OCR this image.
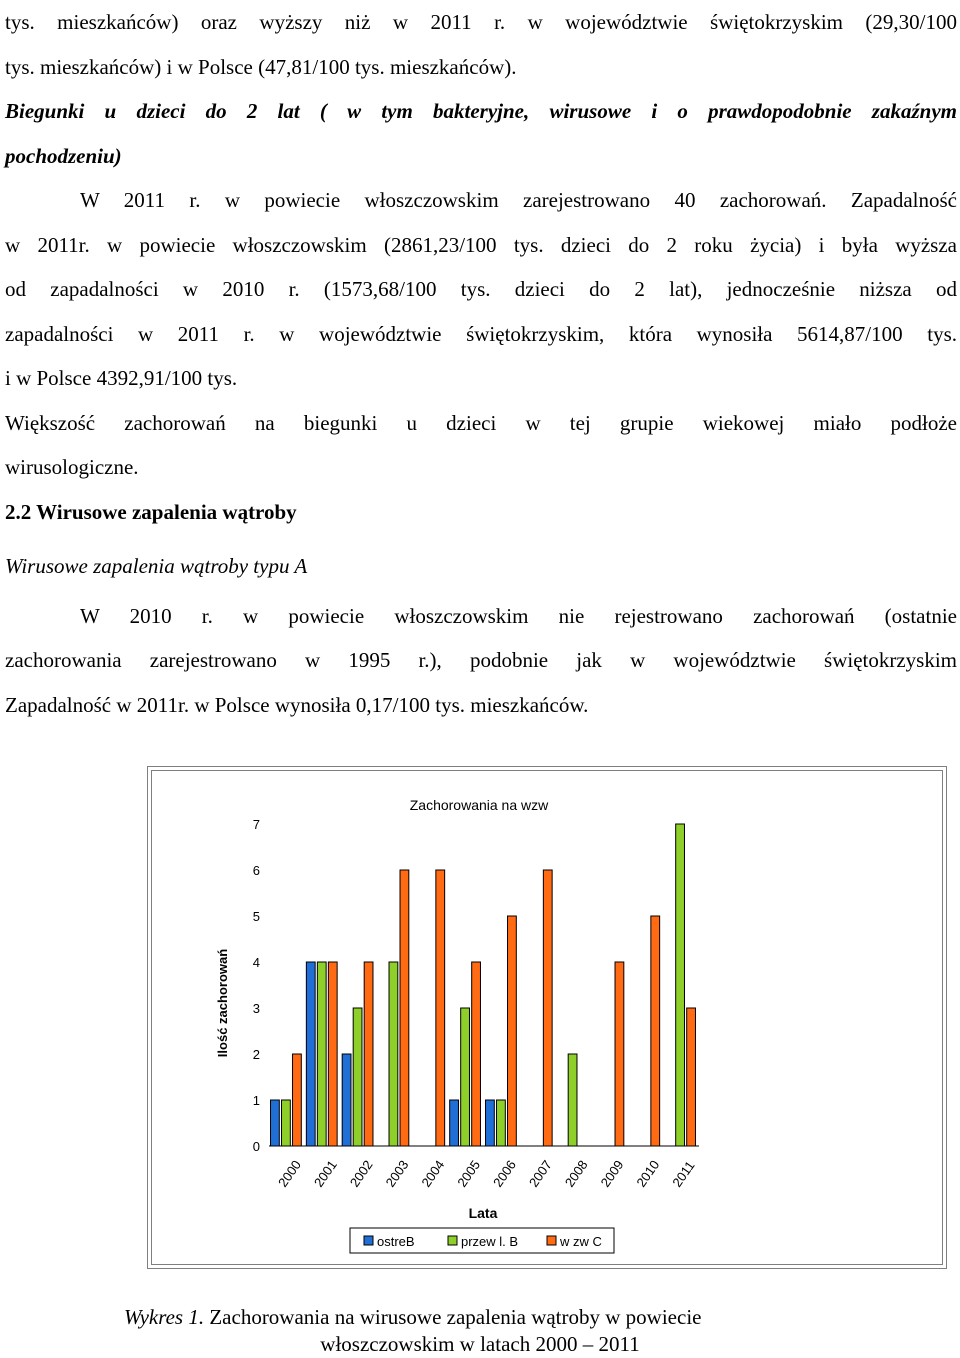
tys. mieszkańców) oraz wyższy niż w 2011 r. w województwie świętokrzyskim (29,30/100
tys. mieszkańców) i w Polsce (47,81/100 tys. mieszkańców).
Biegunki u dzieci do 2 lat ( w tym bakteryjne, wirusowe i o prawdopodobnie zakaźnym
pochodzeniu)
W 2011 r. w powiecie włoszczowskim zarejestrowano 40 zachorowań. Zapadalność
w 2011r. w powiecie włoszczowskim (2861,23/100 tys. dzieci do 2 roku życia) i była wyższa
od zapadalności w 2010 r. (1573,68/100 tys. dzieci do 2 lat), jednocześnie niższa od
zapadalności w 2011 r. w województwie świętokrzyskim, która wynosiła 5614,87/100 tys.
i w Polsce 4392,91/100 tys.
Większość zachorowań na biegunki u dzieci w tej grupie wiekowej miało podłoże
wirusologiczne.
2.2 Wirusowe zapalenia wątroby
Wirusowe zapalenia wątroby typu A
W 2010 r. w powiecie włoszczowskim nie rejestrowano zachorowań (ostatnie
zachorowania zarejestrowano w 1995 r.), podobnie jak w województwie świętokrzyskim
Zapadalność w 2011r. w Polsce wynosiła 0,17/100 tys. mieszkańców.
Zachorowania na wzw
Ilość zachorowań
Lata
0
1
2
3
4
5
6
7
2000 2001 2002 2003 2004 2005 2006 2007 2008 2009 2010 2011
ostreB	przew l. B	w zw C
Wykres 1. Zachorowania na wirusowe zapalenia wątroby w powiecie
włoszczowskim w latach 2000 – 2011
